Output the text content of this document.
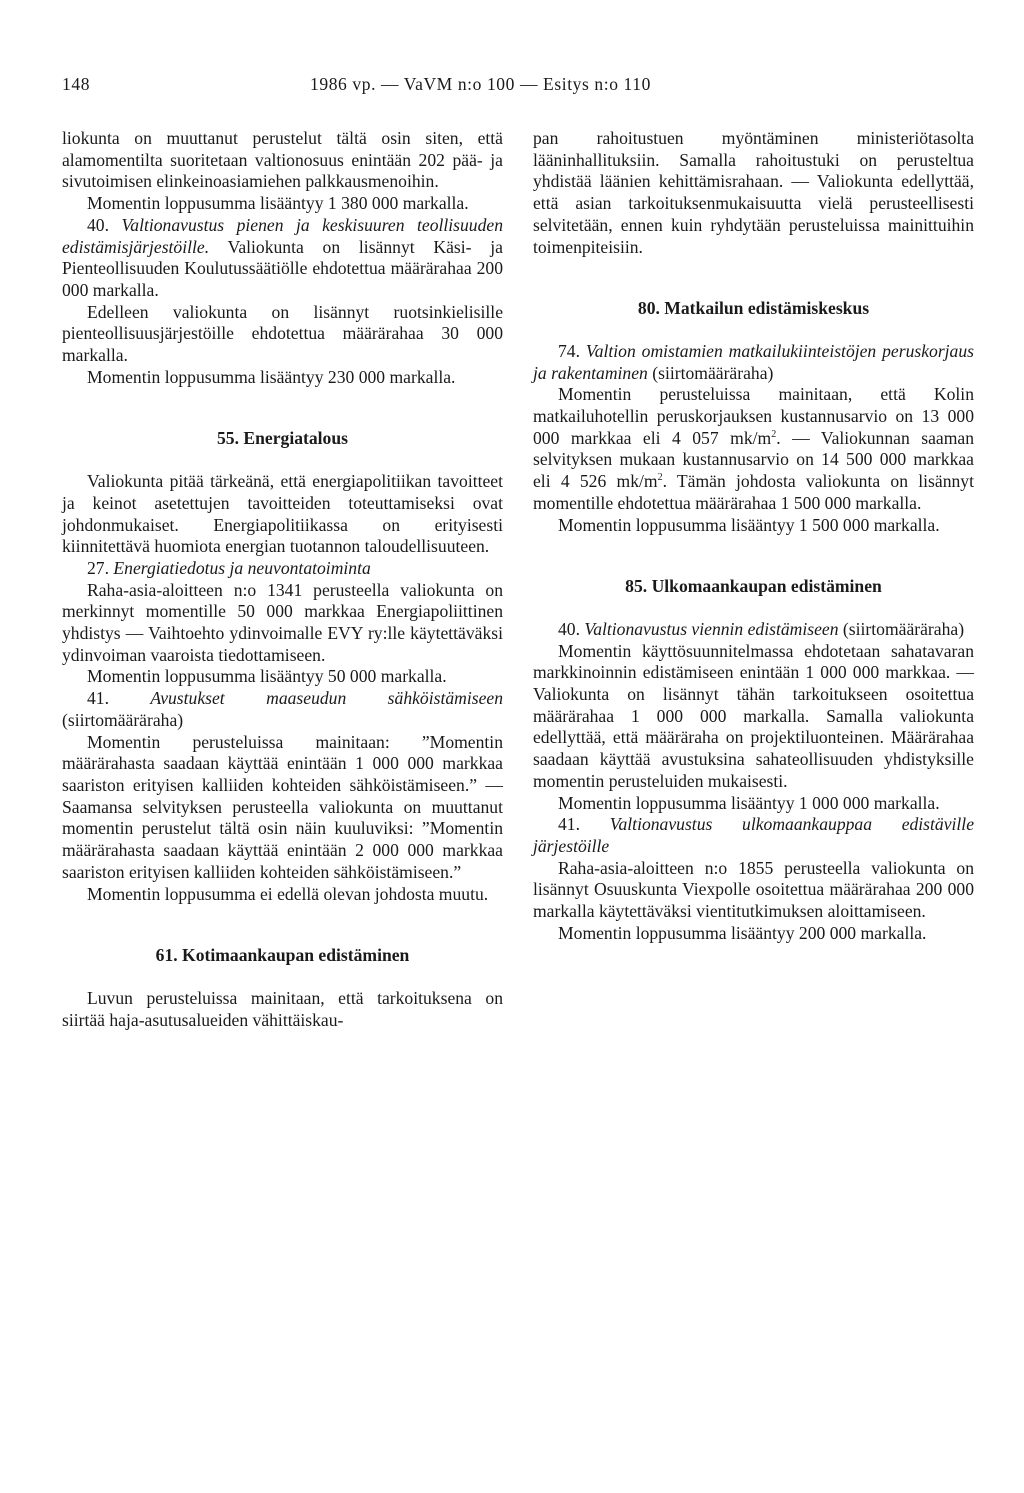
148	1986 vp. — VaVM n:o 100 — Esitys n:o 110

liokunta on muuttanut perustelut tältä osin siten, että alamomentilta suoritetaan valtionosuus enintään 202 pää- ja sivutoimisen elinkeinoasiamiehen palkkausmenoihin.

Momentin loppusumma lisääntyy 1 380 000 markalla.

40. Valtionavustus pienen ja keskisuuren teollisuuden edistämisjärjestöille. Valiokunta on lisännyt Käsi- ja Pienteollisuuden Koulutussäätiölle ehdotettua määrärahaa 200 000 markalla.

Edelleen valiokunta on lisännyt ruotsinkielisille pienteollisuusjärjestöille ehdotettua määrärahaa 30 000 markalla.

Momentin loppusumma lisääntyy 230 000 markalla.

55. Energiatalous

Valiokunta pitää tärkeänä, että energiapolitiikan tavoitteet ja keinot asetettujen tavoitteiden toteuttamiseksi ovat johdonmukaiset. Energiapolitiikassa on erityisesti kiinnitettävä huomiota energian tuotannon taloudellisuuteen.

27. Energiatiedotus ja neuvontatoiminta

Raha-asia-aloitteen n:o 1341 perusteella valiokunta on merkinnyt momentille 50 000 markkaa Energiapoliittinen yhdistys — Vaihtoehto ydinvoimalle EVY ry:lle käytettäväksi ydinvoiman vaaroista tiedottamiseen.

Momentin loppusumma lisääntyy 50 000 markalla.

41. Avustukset maaseudun sähköistämiseen (siirtomääräraha)

Momentin perusteluissa mainitaan: ”Momentin määrärahasta saadaan käyttää enintään 1 000 000 markkaa saariston erityisen kalliiden kohteiden sähköistämiseen.” — Saamansa selvityksen perusteella valiokunta on muuttanut momentin perustelut tältä osin näin kuuluviksi: ”Momentin määrärahasta saadaan käyttää enintään 2 000 000 markkaa saariston erityisen kalliiden kohteiden sähköistämiseen.”

Momentin loppusumma ei edellä olevan johdosta muutu.

61. Kotimaankaupan edistäminen

Luvun perusteluissa mainitaan, että tarkoituksena on siirtää haja-asutusalueiden vähittäiskau-

pan rahoitustuen myöntäminen ministeriötasolta lääninhallituksiin. Samalla rahoitustuki on perusteltua yhdistää läänien kehittämisrahaan. — Valiokunta edellyttää, että asian tarkoituksenmukaisuutta vielä perusteellisesti selvitetään, ennen kuin ryhdytään perusteluissa mainittuihin toimenpiteisiin.

80. Matkailun edistämiskeskus

74. Valtion omistamien matkailukiinteistöjen peruskorjaus ja rakentaminen (siirtomääräraha)

Momentin perusteluissa mainitaan, että Kolin matkailuhotellin peruskorjauksen kustannusarvio on 13 000 000 markkaa eli 4 057 $mk/m^2$. — Valiokunnan saaman selvityksen mukaan kustannusarvio on 14 500 000 markkaa eli 4 526 $mk/m^2$. Tämän johdosta valiokunta on lisännyt momentille ehdotettua määrärahaa 1 500 000 markalla.

Momentin loppusumma lisääntyy 1 500 000 markalla.

85. Ulkomaankaupan edistäminen

40. Valtionavustus viennin edistämiseen (siirtomääräraha)

Momentin käyttösuunnitelmassa ehdotetaan sahatavaran markkinoinnin edistämiseen enintään 1 000 000 markkaa. — Valiokunta on lisännyt tähän tarkoitukseen osoitettua määrärahaa 1 000 000 markalla. Samalla valiokunta edellyttää, että määräraha on projektiluonteinen. Määrärahaa saadaan käyttää avustuksina sahateollisuuden yhdistyksille momentin perusteluiden mukaisesti.

Momentin loppusumma lisääntyy 1 000 000 markalla.

41. Valtionavustus ulkomaankauppaa edistäville järjestöille

Raha-asia-aloitteen n:o 1855 perusteella valiokunta on lisännyt Osuuskunta Viexpolle osoitettua määrärahaa 200 000 markalla käytettäväksi vientitutkimuksen aloittamiseen.

Momentin loppusumma lisääntyy 200 000 markalla.
